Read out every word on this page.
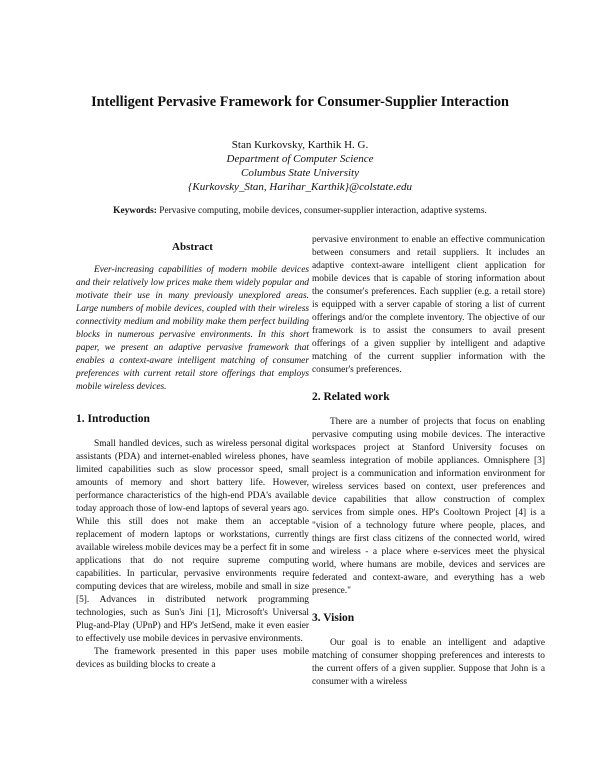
Intelligent Pervasive Framework for Consumer-Supplier Interaction
Stan Kurkovsky, Karthik H. G.
Department of Computer Science
Columbus State University
{Kurkovsky_Stan, Harihar_Karthik}@colstate.edu
Keywords: Pervasive computing, mobile devices, consumer-supplier interaction, adaptive systems.
Abstract

Ever-increasing capabilities of modern mobile devices and their relatively low prices make them widely popular and motivate their use in many previously unexplored areas. Large numbers of mobile devices, coupled with their wireless connectivity medium and mobility make them perfect building blocks in numerous pervasive environments. In this short paper, we present an adaptive pervasive framework that enables a context-aware intelligent matching of consumer preferences with current retail store offerings that employs mobile wireless devices.

1. Introduction

Small handled devices, such as wireless personal digital assistants (PDA) and internet-enabled wireless phones, have limited capabilities such as slow processor speed, small amounts of memory and short battery life. However, performance characteristics of the high-end PDA's available today approach those of low-end laptops of several years ago. While this still does not make them an acceptable replacement of modern laptops or workstations, currently available wireless mobile devices may be a perfect fit in some applications that do not require supreme computing capabilities. In particular, pervasive environments require computing devices that are wireless, mobile and small in size [5]. Advances in distributed network programming technologies, such as Sun's Jini [1], Microsoft's Universal Plug-and-Play (UPnP) and HP's JetSend, make it even easier to effectively use mobile devices in pervasive environments.

The framework presented in this paper uses mobile devices as building blocks to create a

pervasive environment to enable an effective communication between consumers and retail suppliers. It includes an adaptive context-aware intelligent client application for mobile devices that is capable of storing information about the consumer's preferences. Each supplier (e.g. a retail store) is equipped with a server capable of storing a list of current offerings and/or the complete inventory. The objective of our framework is to assist the consumers to avail present offerings of a given supplier by intelligent and adaptive matching of the current supplier information with the consumer's preferences.

2. Related work

There are a number of projects that focus on enabling pervasive computing using mobile devices. The interactive workspaces project at Stanford University focuses on seamless integration of mobile appliances. Omnisphere [3] project is a communication and information environment for wireless services based on context, user preferences and device capabilities that allow construction of complex services from simple ones. HP's Cooltown Project [4] is a "vision of a technology future where people, places, and things are first class citizens of the connected world, wired and wireless - a place where e-services meet the physical world, where humans are mobile, devices and services are federated and context-aware, and everything has a web presence."

3. Vision

Our goal is to enable an intelligent and adaptive matching of consumer shopping preferences and interests to the current offers of a given supplier. Suppose that John is a consumer with a wireless
